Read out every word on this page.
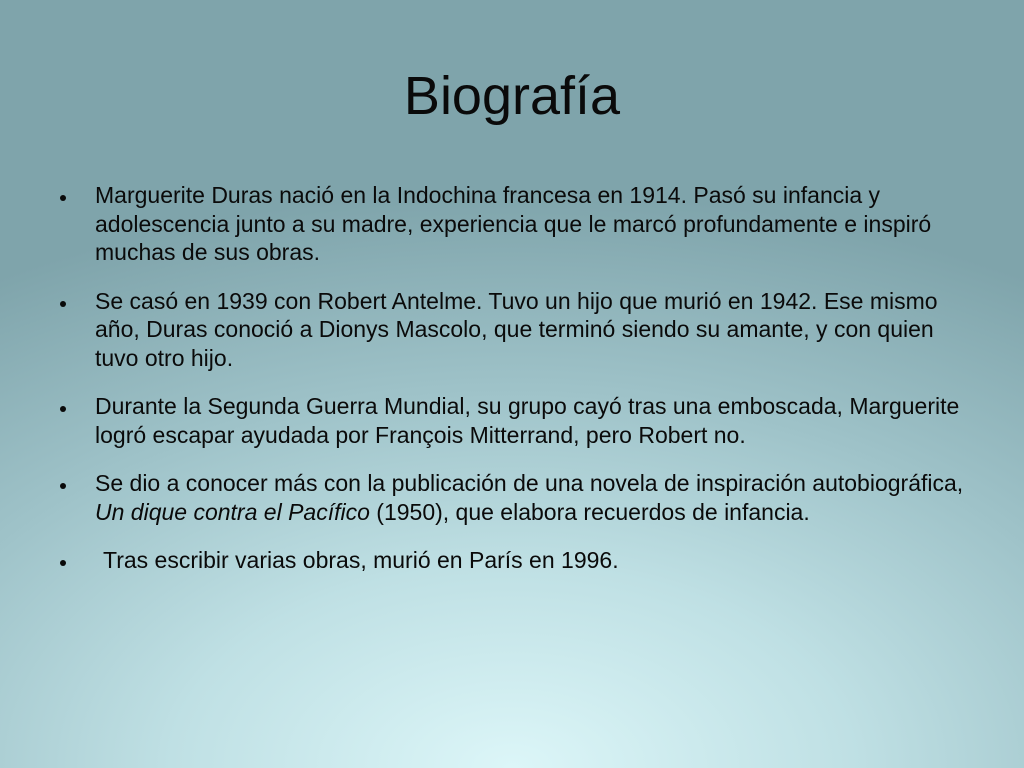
Biografía
Marguerite Duras nació en la Indochina francesa en 1914. Pasó su infancia y adolescencia junto a su madre, experiencia que le marcó profundamente e inspiró muchas de sus obras.
Se casó en 1939 con Robert Antelme. Tuvo un hijo que murió en 1942. Ese mismo año, Duras conoció a Dionys Mascolo, que terminó siendo su amante, y con quien tuvo otro hijo.
Durante la Segunda Guerra Mundial, su grupo cayó tras una emboscada, Marguerite logró escapar ayudada por François Mitterrand, pero Robert no.
Se dio a conocer más con la publicación de una novela de inspiración autobiográfica, Un dique contra el Pacífico (1950), que elabora recuerdos de infancia.
Tras escribir varias obras, murió en París en 1996.
